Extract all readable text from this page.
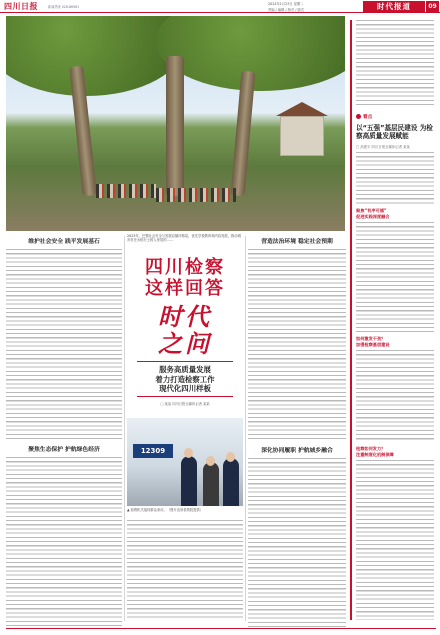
四川日报	新闻热线 028-86961
2024年1月23日 星期二
责编 / 编辑 / 校对 / 版式	时代报道	09
看点
以“五强”基层民建设 为检察高质量发展赋能
□ 高建平 四川日报全媒体记者 某某
聚焦“有序可循”
促进实践深度融合
如何激发干劲？
加强检察基层建设
检察如何发力？
注重制度化机制保障
维护社会安全 践平发展基石
聚焦生态保护 护航绿色经济
2023年，巴蜀社会安全与发展双循环格局，优先学校教育和内容发展，推动城市村庄水稻行土树人家居的……
四川检察
这样回答
时代
之问
服务高质量发展
着力打造检察工作
现代化四川样板
□ 某某 四川日报全媒体记者 某某
12309
▲ 检察机关接待群众来访。（图片由省检察院提供）
营造法治环境 稳定社会预期
深化协同履职 护航城乡融合
